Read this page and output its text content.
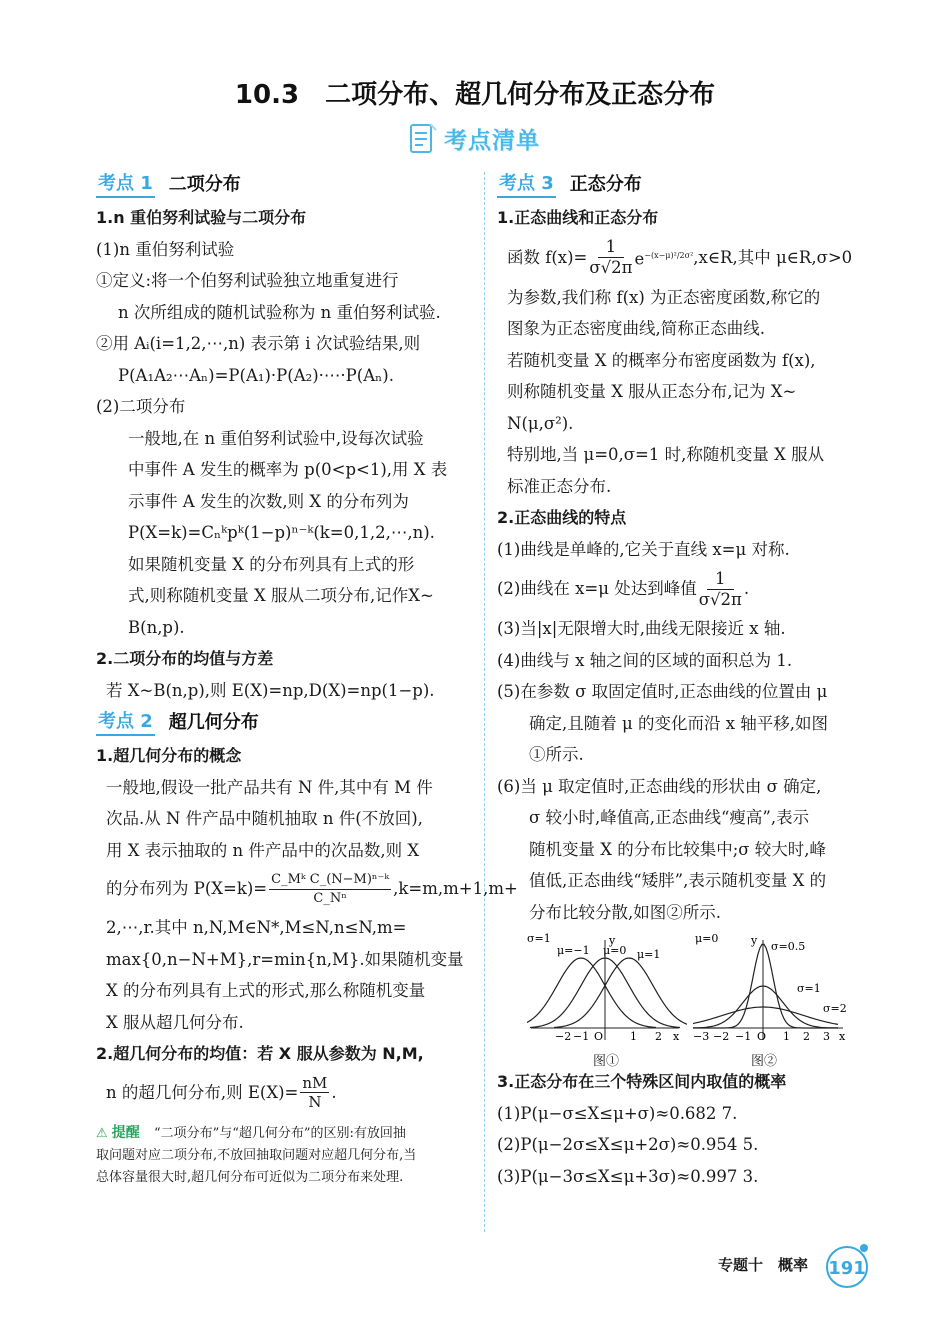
10.3　二项分布、超几何分布及正态分布
考点清单
考点 1 二项分布
1.n 重伯努利试验与二项分布
(1)n 重伯努利试验
①定义:将一个伯努利试验独立地重复进行
n 次所组成的随机试验称为 n 重伯努利试验.
②用 Aᵢ(i=1,2,⋯,n) 表示第 i 次试验结果,则
P(A₁A₂⋯Aₙ)=P(A₁)·P(A₂)·⋯·P(Aₙ).
(2)二项分布
一般地,在 n 重伯努利试验中,设每次试验
中事件 A 发生的概率为 p(0<p<1),用 X 表
示事件 A 发生的次数,则 X 的分布列为
P(X=k)=Cₙᵏpᵏ(1−p)ⁿ⁻ᵏ(k=0,1,2,⋯,n).
如果随机变量 X 的分布列具有上式的形
式,则称随机变量 X 服从二项分布,记作X~
B(n,p).
2.二项分布的均值与方差
若 X~B(n,p),则 E(X)=np,D(X)=np(1−p).
考点 2 超几何分布
1.超几何分布的概念
一般地,假设一批产品共有 N 件,其中有 M 件
次品.从 N 件产品中随机抽取 n 件(不放回),
用 X 表示抽取的 n 件产品中的次品数,则 X
的分布列为 $P(X=k)= \frac{\text{C\_Mᵏ C\_(N−M)ⁿ⁻ᵏ}}{\text{C\_Nⁿ}} ,k=m,m+1,m+$
2,⋯,r.其中 n,N,M∈N*,M≤N,n≤N,m=
max{0,n−N+M},r=min{n,M}.如果随机变量
X 的分布列具有上式的形式,那么称随机变量
X 服从超几何分布.
2.超几何分布的均值：若 X 服从参数为 N,M,
n 的超几何分布,则 $E(X)= \frac{nM}{N}$ .
⚠ 提醒 “二项分布”与“超几何分布”的区别:有放回抽
取问题对应二项分布,不放回抽取问题对应超几何分布,当
总体容量很大时,超几何分布可近似为二项分布来处理.
考点 3 正态分布
1.正态曲线和正态分布
函数 $f(x)= \frac{1}{\sigma√2\pi} e^{-(x-\mu)^2/2\sigma^2}$ ,x∈R,其中 μ∈R,σ>0
为参数,我们称 f(x) 为正态密度函数,称它的
图象为正态密度曲线,简称正态曲线.
若随机变量 X 的概率分布密度函数为 f(x),
则称随机变量 X 服从正态分布,记为 X~
N(μ,σ²).
特别地,当 μ=0,σ=1 时,称随机变量 X 服从
标准正态分布.
2.正态曲线的特点
(1)曲线是单峰的,它关于直线 x=μ 对称.
(2)曲线在 x=μ 处达到峰值 $\frac{1}{\sigma√2\pi}$ .
(3)当|x|无限增大时,曲线无限接近 x 轴.
(4)曲线与 x 轴之间的区域的面积总为 1.
(5)在参数 σ 取固定值时,正态曲线的位置由 μ
确定,且随着 μ 的变化而沿 x 轴平移,如图
①所示.
(6)当 μ 取定值时,正态曲线的形状由 σ 确定,
σ 较小时,峰值高,正态曲线“瘦高”,表示
随机变量 X 的分布比较集中;σ 较大时,峰
值低,正态曲线“矮胖”,表示随机变量 X 的
分布比较分散,如图②所示.
σ=1
μ=−1 μ=0 μ=1
y
x
O
−2 −1	1 2
μ=0
σ=0.5
σ=1
σ=2
y
x
O
−3 −2 −1	1 2 3
图①	图②
3.正态分布在三个特殊区间内取值的概率
(1)P(μ−σ≤X≤μ+σ)≈0.682 7.
(2)P(μ−2σ≤X≤μ+2σ)≈0.954 5.
(3)P(μ−3σ≤X≤μ+3σ)≈0.997 3.
专题十　概率 191
